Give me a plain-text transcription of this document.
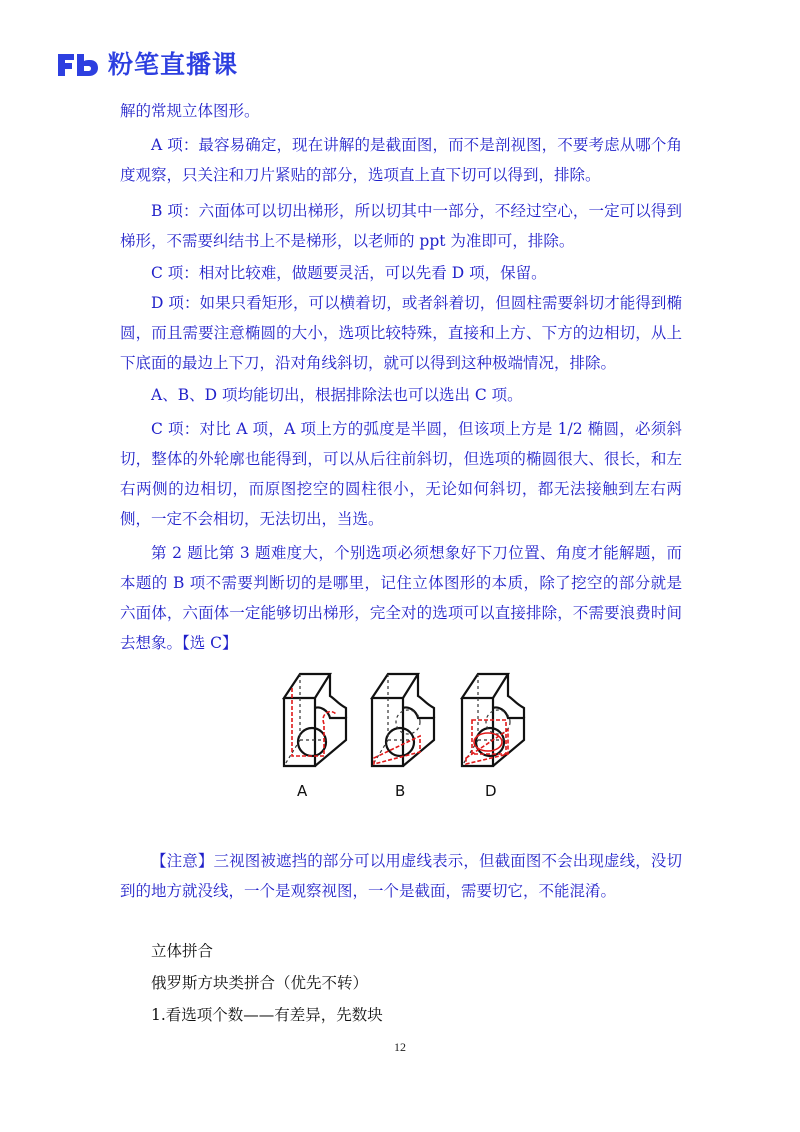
粉笔直播课

解的常规立体图形。

A 项：最容易确定，现在讲解的是截面图，而不是剖视图，不要考虑从哪个角度观察，只关注和刀片紧贴的部分，选项直上直下切可以得到，排除。

B 项：六面体可以切出梯形，所以切其中一部分，不经过空心，一定可以得到梯形，不需要纠结书上不是梯形，以老师的 ppt 为准即可，排除。

C 项：相对比较难，做题要灵活，可以先看 D 项，保留。

D 项：如果只看矩形，可以横着切，或者斜着切，但圆柱需要斜切才能得到椭圆，而且需要注意椭圆的大小，选项比较特殊，直接和上方、下方的边相切，从上下底面的最边上下刀，沿对角线斜切，就可以得到这种极端情况，排除。

A、B、D 项均能切出，根据排除法也可以选出 C 项。

C 项：对比 A 项，A 项上方的弧度是半圆，但该项上方是 1/2 椭圆，必须斜切，整体的外轮廓也能得到，可以从后往前斜切，但选项的椭圆很大、很长，和左右两侧的边相切，而原图挖空的圆柱很小，无论如何斜切，都无法接触到左右两侧，一定不会相切，无法切出，当选。

第 2 题比第 3 题难度大，个别选项必须想象好下刀位置、角度才能解题，而本题的 B 项不需要判断切的是哪里，记住立体图形的本质，除了挖空的部分就是六面体，六面体一定能够切出梯形，完全对的选项可以直接排除，不需要浪费时间去想象。【选 C】

A	B	D

【注意】三视图被遮挡的部分可以用虚线表示，但截面图不会出现虚线，没切到的地方就没线，一个是观察视图，一个是截面，需要切它，不能混淆。

立体拼合

俄罗斯方块类拼合（优先不转）

1.看选项个数——有差异，先数块

12
